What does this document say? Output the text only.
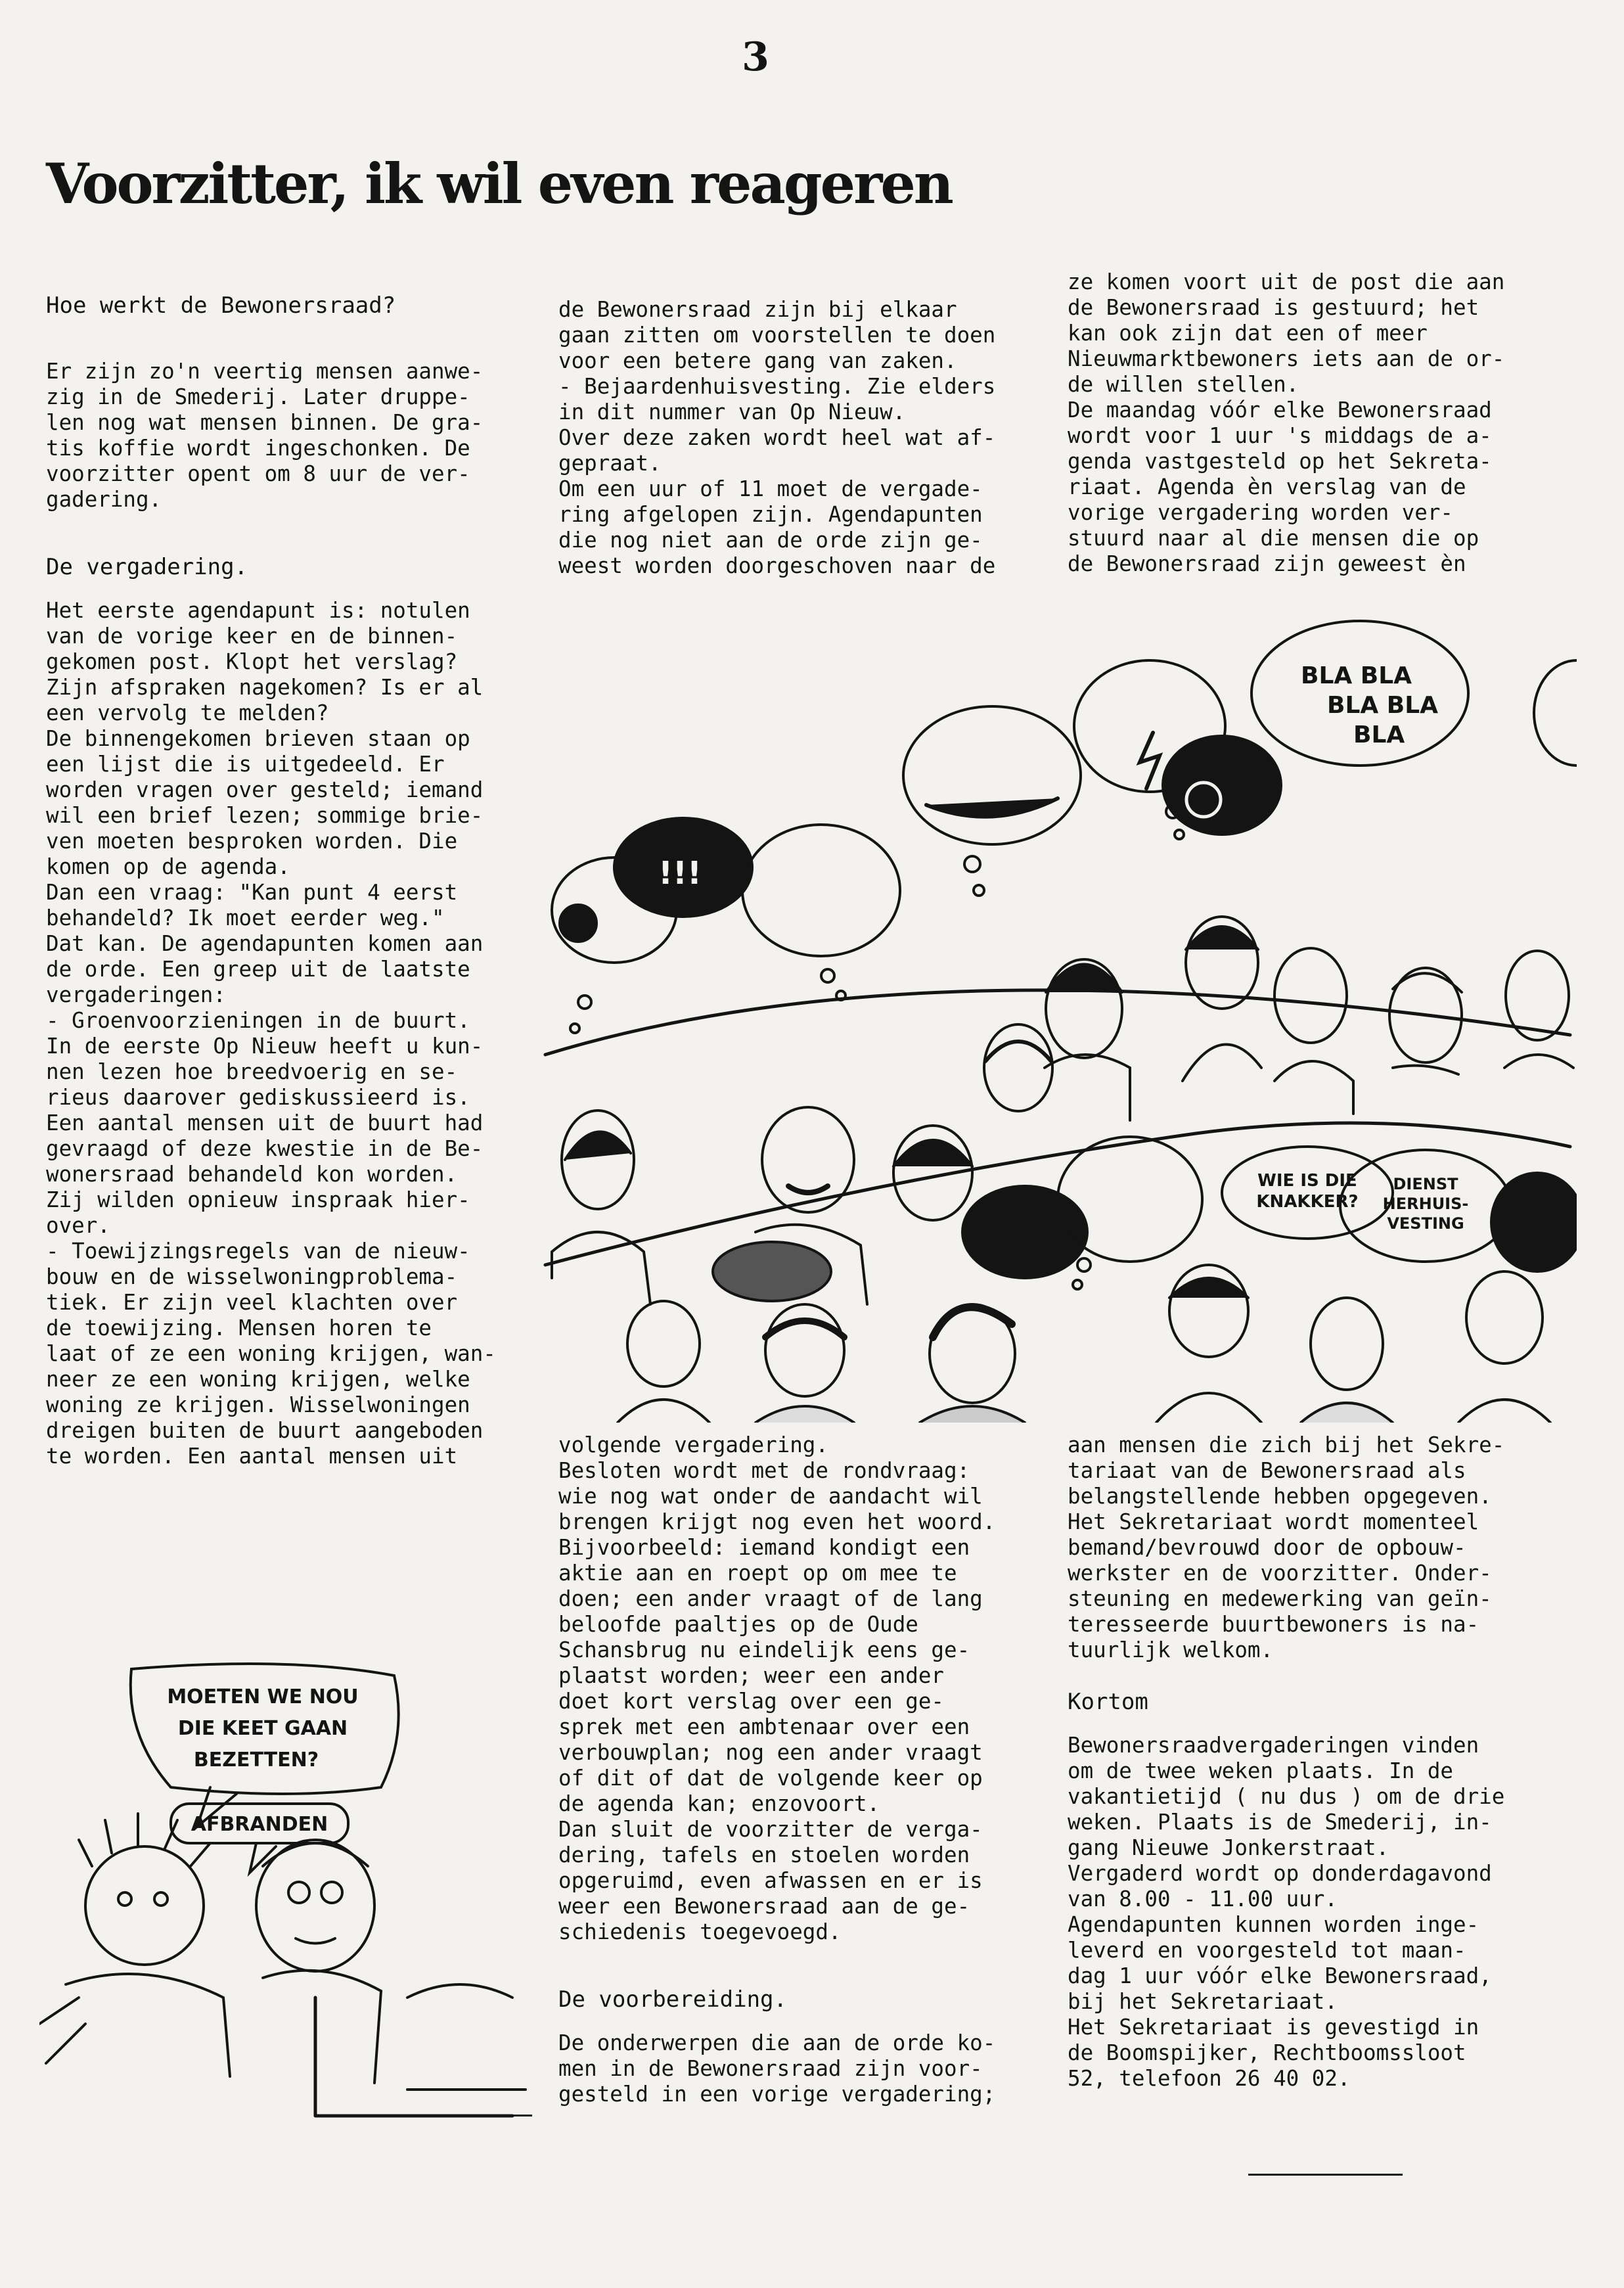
3
Voorzitter, ik wil even reageren

Hoe werkt de Bewonersraad?

Er zijn zo'n veertig mensen aanwe-
zig in de Smederij. Later druppe-
len nog wat mensen binnen. De gra-
tis koffie wordt ingeschonken. De
voorzitter opent om 8 uur de ver-
gadering.

De vergadering.

Het eerste agendapunt is: notulen
van de vorige keer en de binnen-
gekomen post. Klopt het verslag?
Zijn afspraken nagekomen? Is er al
een vervolg te melden?
De binnengekomen brieven staan op
een lijst die is uitgedeeld. Er
worden vragen over gesteld; iemand
wil een brief lezen; sommige brie-
ven moeten besproken worden. Die
komen op de agenda.
Dan een vraag: "Kan punt 4 eerst
behandeld? Ik moet eerder weg."
Dat kan. De agendapunten komen aan
de orde. Een greep uit de laatste
vergaderingen:
- Groenvoorzieningen in de buurt.
In de eerste Op Nieuw heeft u kun-
nen lezen hoe breedvoerig en se-
rieus daarover gediskussieerd is.
Een aantal mensen uit de buurt had
gevraagd of deze kwestie in de Be-
wonersraad behandeld kon worden.
Zij wilden opnieuw inspraak hier-
over.
- Toewijzingsregels van de nieuw-
bouw en de wisselwoningproblema-
tiek. Er zijn veel klachten over
de toewijzing. Mensen horen te
laat of ze een woning krijgen, wan-
neer ze een woning krijgen, welke
woning ze krijgen. Wisselwoningen
dreigen buiten de buurt aangeboden
te worden. Een aantal mensen uit
de Bewonersraad zijn bij elkaar
gaan zitten om voorstellen te doen
voor een betere gang van zaken.
- Bejaardenhuisvesting. Zie elders
in dit nummer van Op Nieuw.
Over deze zaken wordt heel wat af-
gepraat.
Om een uur of 11 moet de vergade-
ring afgelopen zijn. Agendapunten
die nog niet aan de orde zijn ge-
weest worden doorgeschoven naar de
ze komen voort uit de post die aan
de Bewonersraad is gestuurd; het
kan ook zijn dat een of meer
Nieuwmarktbewoners iets aan de or-
de willen stellen.
De maandag vóór elke Bewonersraad
wordt voor 1 uur 's middags de a-
genda vastgesteld op het Sekreta-
riaat. Agenda èn verslag van de
vorige vergadering worden ver-
stuurd naar al die mensen die op
de Bewonersraad zijn geweest èn
!!!
BLA BLA
BLA BLA
BLA
WIE IS DIE
KNAKKER?
DIENST
HERHUIS-
VESTING
volgende vergadering.
Besloten wordt met de rondvraag:
wie nog wat onder de aandacht wil
brengen krijgt nog even het woord.
Bijvoorbeeld: iemand kondigt een
aktie aan en roept op om mee te
doen; een ander vraagt of de lang
beloofde paaltjes op de Oude
Schansbrug nu eindelijk eens ge-
plaatst worden; weer een ander
doet kort verslag over een ge-
sprek met een ambtenaar over een
verbouwplan; nog een ander vraagt
of dit of dat de volgende keer op
de agenda kan; enzovoort.
Dan sluit de voorzitter de verga-
dering, tafels en stoelen worden
opgeruimd, even afwassen en er is
weer een Bewonersraad aan de ge-
schiedenis toegevoegd.

De voorbereiding.

De onderwerpen die aan de orde ko-
men in de Bewonersraad zijn voor-
gesteld in een vorige vergadering;
aan mensen die zich bij het Sekre-
tariaat van de Bewonersraad als
belangstellende hebben opgegeven.
Het Sekretariaat wordt momenteel
bemand/bevrouwd door de opbouw-
werkster en de voorzitter. Onder-
steuning en medewerking van geïn-
teresseerde buurtbewoners is na-
tuurlijk welkom.

Kortom

Bewonersraadvergaderingen vinden
om de twee weken plaats. In de
vakantietijd ( nu dus ) om de drie
weken. Plaats is de Smederij, in-
gang Nieuwe Jonkerstraat.
Vergaderd wordt op donderdagavond
van 8.00 - 11.00 uur.
Agendapunten kunnen worden inge-
leverd en voorgesteld tot maan-
dag 1 uur vóór elke Bewonersraad,
bij het Sekretariaat.
Het Sekretariaat is gevestigd in
de Boomspijker, Rechtboomssloot
52, telefoon 26 40 02.
MOETEN WE NOU
DIE KEET GAAN
BEZETTEN?
AFBRANDEN
